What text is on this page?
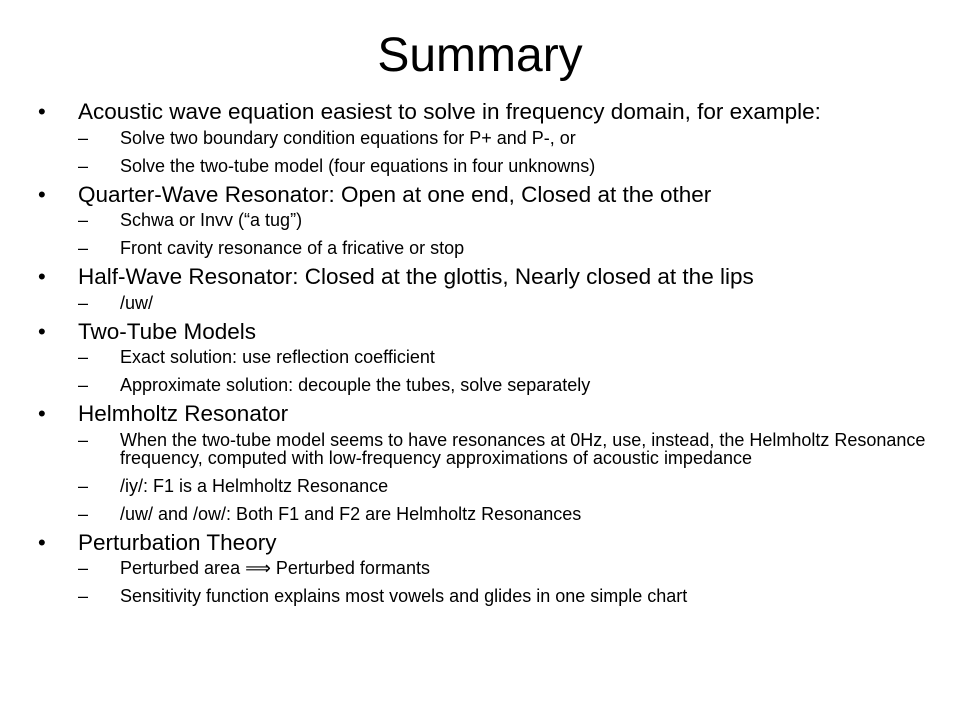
Summary
• Acoustic wave equation easiest to solve in frequency domain, for example:
– Solve two boundary condition equations for P+ and P-, or
– Solve the two-tube model (four equations in four unknowns)
• Quarter-Wave Resonator: Open at one end, Closed at the other
– Schwa or Invv (“a tug”)
– Front cavity resonance of a fricative or stop
• Half-Wave Resonator: Closed at the glottis, Nearly closed at the lips
– /uw/
• Two-Tube Models
– Exact solution: use reflection coefficient
– Approximate solution: decouple the tubes, solve separately
• Helmholtz Resonator
– When the two-tube model seems to have resonances at 0Hz, use, instead, the Helmholtz Resonance frequency, computed with low-frequency approximations of acoustic impedance
– /iy/: F1 is a Helmholtz Resonance
– /uw/ and /ow/: Both F1 and F2 are Helmholtz Resonances
• Perturbation Theory
– Perturbed area ⟹ Perturbed formants
– Sensitivity function explains most vowels and glides in one simple chart
